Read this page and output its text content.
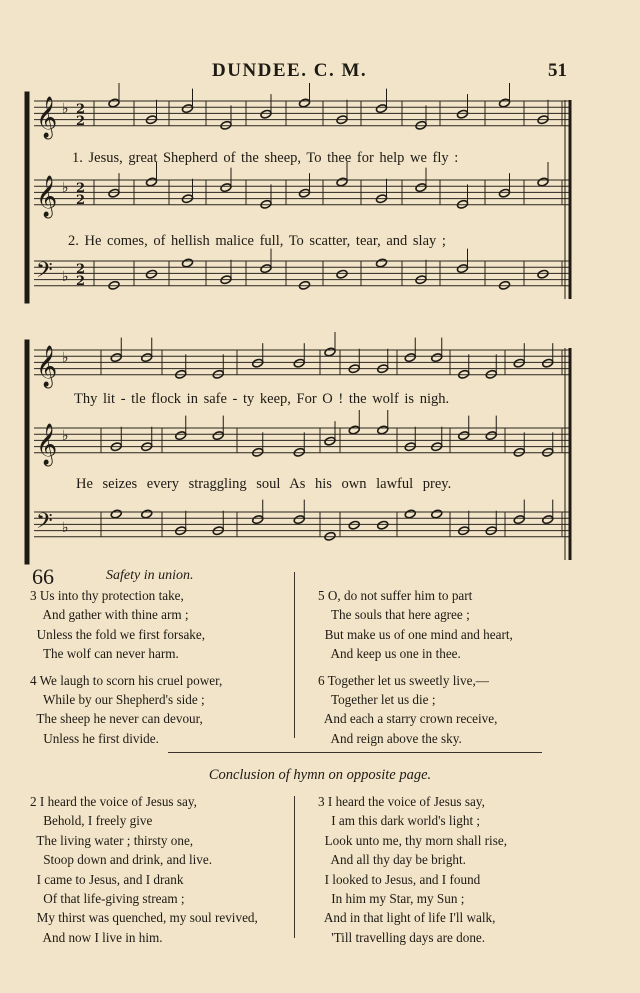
DUNDEE. C. M.	51
𝄞 ♭ 2
2
𝄞 ♭ 2
2
𝄢 ♭ 2
2
𝄞 ♭
𝄞 ♭
𝄢 ♭
1. Jesus, great Shepherd of the sheep, To thee for help we fly :
2. He comes, of hellish malice full, To scatter, tear, and slay ;
Thy lit - tle flock in safe - ty keep, For O ! the wolf is nigh.
He seizes every straggling soul As his own lawful prey.
66	Safety in union.
3 Us into thy protection take,
And gather with thine arm ;
Unless the fold we first forsake,
The wolf can never harm.

4 We laugh to scorn his cruel power,
While by our Shepherd's side ;
The sheep he never can devour,
Unless he first divide.
5 O, do not suffer him to part
The souls that here agree ;
But make us of one mind and heart,
And keep us one in thee.

6 Together let us sweetly live,—
Together let us die ;
And each a starry crown receive,
And reign above the sky.
Conclusion of hymn on opposite page.
2 I heard the voice of Jesus say,
Behold, I freely give
The living water ; thirsty one,
Stoop down and drink, and live.
I came to Jesus, and I drank
Of that life-giving stream ;
My thirst was quenched, my soul revived,
And now I live in him.
3 I heard the voice of Jesus say,
I am this dark world's light ;
Look unto me, thy morn shall rise,
And all thy day be bright.
I looked to Jesus, and I found
In him my Star, my Sun ;
And in that light of life I'll walk,
'Till travelling days are done.
